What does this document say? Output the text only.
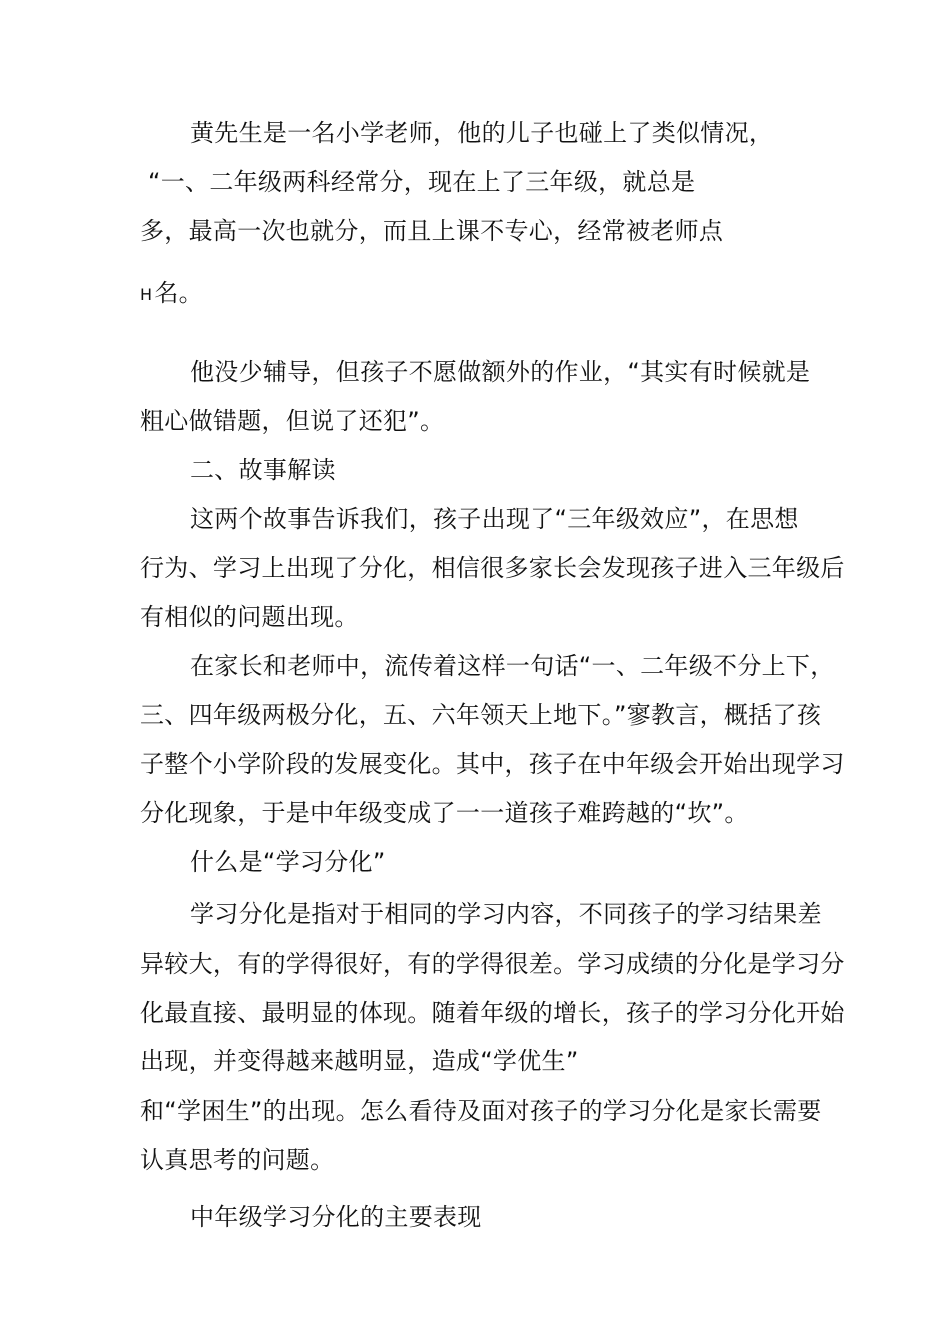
黄先生是一名小学老师，他的儿子也碰上了类似情况，
“一、二年级两科经常分，现在上了三年级，就总是
多，最高一次也就分，而且上课不专心，经常被老师点
H名。
他没少辅导，但孩子不愿做额外的作业，“其实有时候就是
粗心做错题，但说了还犯”。
二、故事解读
这两个故事告诉我们，孩子出现了“三年级效应”，在思想
行为、学习上出现了分化，相信很多家长会发现孩子进入三年级后
有相似的问题出现。
在家长和老师中，流传着这样一句话“一、二年级不分上下，
三、四年级两极分化，五、六年领天上地下。”寥教言，概括了孩
子整个小学阶段的发展变化。其中，孩子在中年级会开始出现学习
分化现象，于是中年级变成了一一道孩子难跨越的“坎”。
什么是“学习分化”
学习分化是指对于相同的学习内容，不同孩子的学习结果差
异较大，有的学得很好，有的学得很差。学习成绩的分化是学习分
化最直接、最明显的体现。随着年级的增长，孩子的学习分化开始
出现，并变得越来越明显，造成“学优生”
和“学困生”的出现。怎么看待及面对孩子的学习分化是家长需要
认真思考的问题。
中年级学习分化的主要表现
